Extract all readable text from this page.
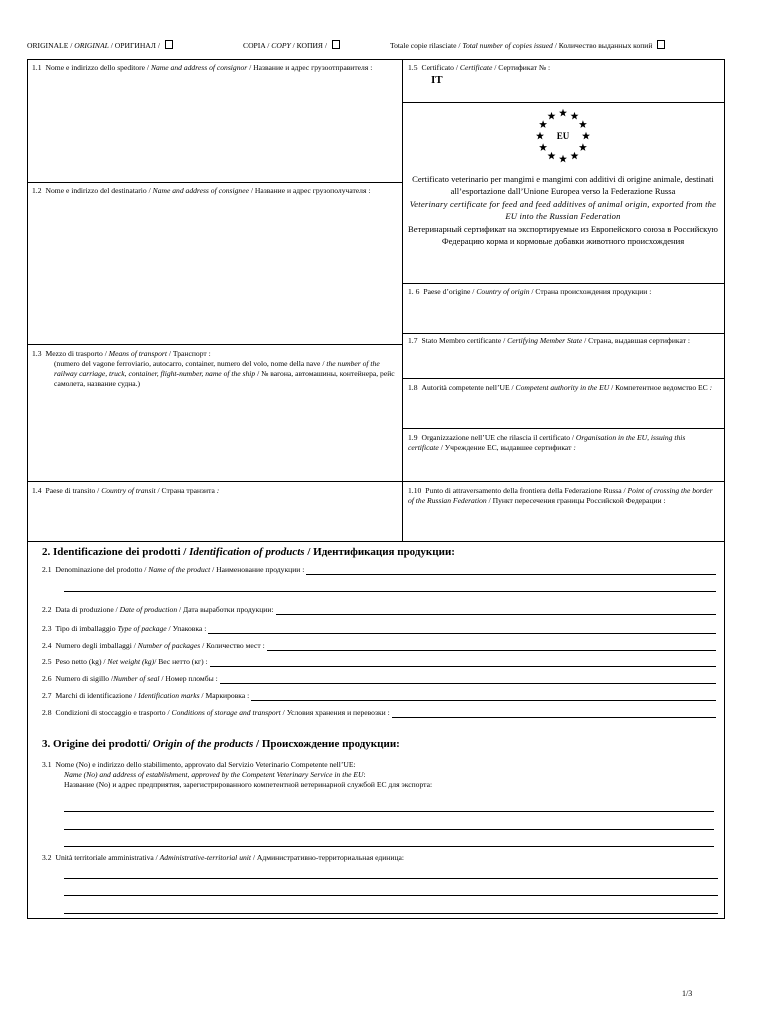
ORIGINALE / ORIGINAL / ОРИГИНАЛ /	COPIA / COPY / КОПИЯ /	Totale copie rilasciate / Total number of copies issued / Количество выданных копий
1.1 Nome e indirizzo dello speditore / Name and address of consignor / Название и адрес грузоотправителя :	1.5 Certificato / Certificate / Сертификат № :
IT
EU
Certificato veterinario per mangimi e mangimi con additivi di origine animale, destinati all’esportazione dall’Unione Europea verso la Federazione Russa
Veterinary certificate for feed and feed additives of animal origin, exported from the EU into the Russian Federation
Ветеринарный сертификат на экспортируемые из Европейского союза в Российскую Федерацию корма и кормовые добавки животного происхождения
1.2 Nome e indirizzo del destinatario / Name and address of consignee / Название и адрес грузополучателя :
1. 6 Paese d’origine / Country of origin / Страна происхождения продукции :
1.7 Stato Membro certificante / Certifying Member State / Страна, выдавшая сертификат :
1.3 Mezzo di trasporto / Means of transport / Транспорт :
(numero del vagone ferroviario, autocarro, container, numero del volo, nome della nave / the number of the railway carriage, truck, container, flight-number, name of the ship / № вагона, автомашины, контейнера, рейс самолета, название судна.)	1.8 Autorità competente nell’UE / Competent authority in the EU / Компетентное ведомство ЕС :
1.9 Organizzazione nell’UE che rilascia il certificato / Organisation in the EU, issuing this certificate / Учреждение ЕС, выдавшее сертификат :
1.4 Paese di transito / Country of transit / Страна транзита :	1.10 Punto di attraversamento della frontiera della Federazione Russa / Point of crossing the border of the Russian Federation / Пункт пересечения границы Российской Федерации :
2. Identificazione dei prodotti / Identification of products / Идентификация продукции:
2.1 Denominazione del prodotto / Name of the product / Наименование продукции :
2.2 Data di produzione / Date of production / Дата выработки продукции:
2.3 Tipo di imballaggio Type of package / Упаковка :
2.4 Numero degli imballaggi / Number of packages / Количество мест :
2.5 Peso netto (kg) / Net weight (kg)/ Вес нетто (кг) :
2.6 Numero di sigillo /Number of seal / Номер пломбы :
2.7 Marchi di identificazione / Identification marks / Маркировка :
2.8 Condizioni di stoccaggio e trasporto / Conditions of storage and transport / Условия хранения и перевозки :
3. Origine dei prodotti/ Origin of the products / Происхождение продукции:
3.1 Nome (No) e indirizzo dello stabilimento, approvato dal Servizio Veterinario Competente nell’UE:
Name (No) and address of establishment, approved by the Competent Veterinary Service in the EU:
Название (No) и адрес предприятия, зарегистрированного компетентной ветеринарной службой ЕС для экспорта:
3.2 Unità territoriale amministrativa / Administrative-territorial unit / Административно-территориальная единица:
1/3
